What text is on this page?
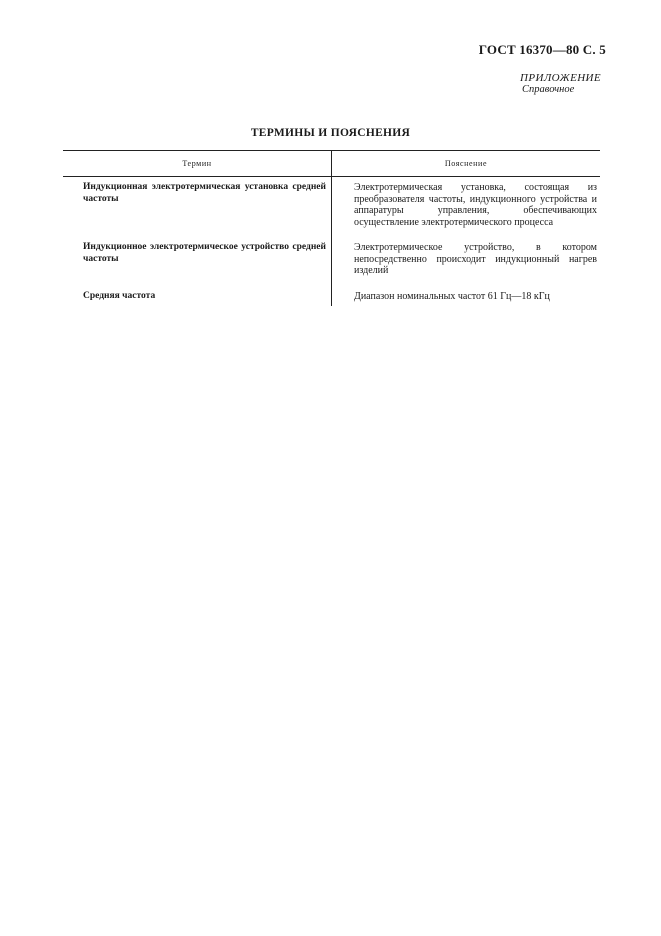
ГОСТ 16370—80 С. 5
ПРИЛОЖЕНИЕ
Справочное
ТЕРМИНЫ И ПОЯСНЕНИЯ
Термин	Пояснение
Индукционная электротермическая установка средней частоты	Электротермическая установка, состоящая из преобразователя частоты, индукционного устройства и аппаратуры управления, обеспечивающих осуществление электротермического процесса
Индукционное электротермическое устройство средней частоты	Электротермическое устройство, в котором непосредственно происходит индукционный нагрев изделий
Средняя частота	Диапазон номинальных частот 61 Гц—18 кГц
